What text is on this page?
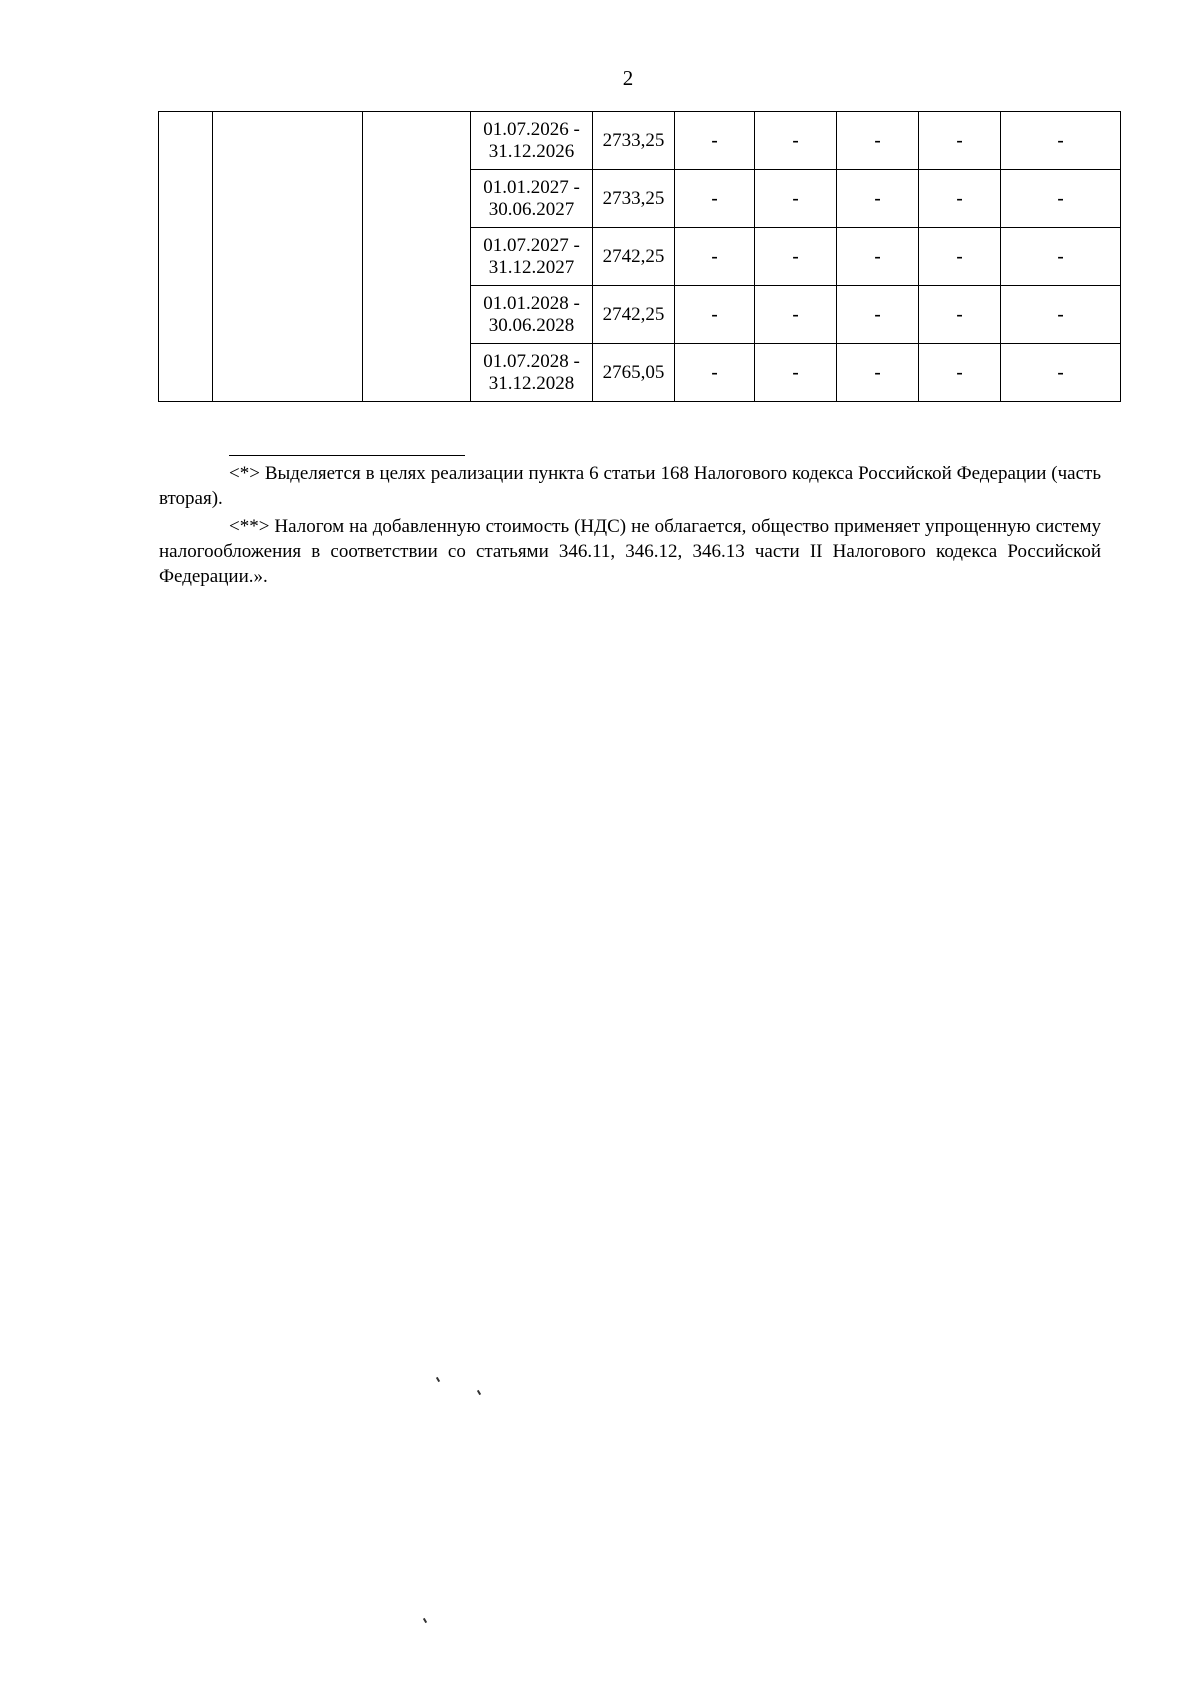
2
			01.07.2026 -
31.12.2026	2733,25	-	-	-	-	-
			01.01.2027 -
30.06.2027	2733,25	-	-	-	-	-
			01.07.2027 -
31.12.2027	2742,25	-	-	-	-	-
			01.01.2028 -
30.06.2028	2742,25	-	-	-	-	-
			01.07.2028 -
31.12.2028	2765,05	-	-	-	-	-

<*> Выделяется в целях реализации пункта 6 статьи 168 Налогового кодекса Российской Федерации (часть вторая).

<**> Налогом на добавленную стоимость (НДС) не облагается, общество применяет упрощенную систему налогообложения в соответствии со статьями 346.11, 346.12, 346.13 части II Налогового кодекса Российской Федерации.».
